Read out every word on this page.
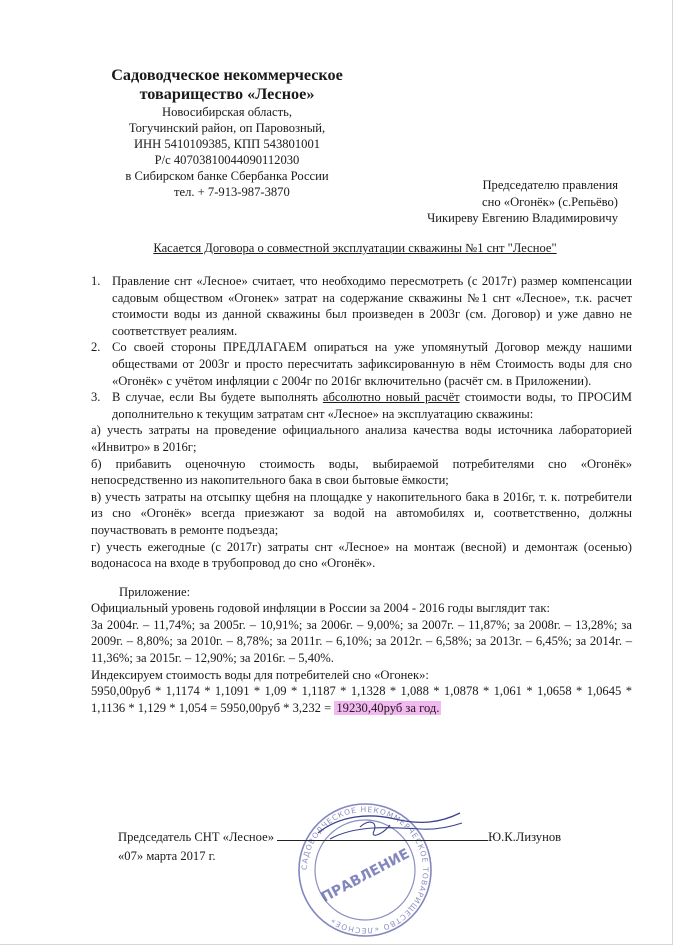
Садоводческое некоммерческое
товарищество «Лесное»
Новосибирская область,
Тогучинский район, оп Паровозный,
ИНН 5410109385, КПП 543801001
Р/с 40703810044090112030
в Сибирском банке Сбербанка России
тел. + 7-913-987-3870	Председателю правления
сно «Огонёк» (с.Репьёво)
Чикиреву Евгению Владимировичу
Касается Договора о совместной эксплуатации скважины №1 снт "Лесное"
1. Правление снт «Лесное» считает, что необходимо пересмотреть (с 2017г) размер компенсации садовым обществом «Огонек» затрат на содержание скважины №1 снт «Лесное», т.к. расчет стоимости воды из данной скважины был произведен в 2003г (см. Договор) и уже давно не соответствует реалиям.
2. Со своей стороны ПРЕДЛАГАЕМ опираться на уже упомянутый Договор между нашими обществами от 2003г и просто пересчитать зафиксированную в нём Стоимость воды для сно «Огонёк» с учётом инфляции с 2004г по 2016г включительно (расчёт см. в Приложении).
3. В случае, если Вы будете выполнять абсолютно новый расчёт стоимости воды, то ПРОСИМ дополнительно к текущим затратам снт «Лесное» на эксплуатацию скважины:
а) учесть затраты на проведение официального анализа качества воды источника лабораторией «Инвитро» в 2016г;
б) прибавить оценочную стоимость воды, выбираемой потребителями сно «Огонёк» непосредственно из накопительного бака в свои бытовые ёмкости;
в) учесть затраты на отсыпку щебня на площадке у накопительного бака в 2016г, т. к. потребители из сно «Огонёк» всегда приезжают за водой на автомобилях и, соответственно, должны поучаствовать в ремонте подъезда;
г) учесть ежегодные (с 2017г) затраты снт «Лесное» на монтаж (весной) и демонтаж (осенью) водонасоса на входе в трубопровод до сно «Огонёк».
Приложение:
Официальный уровень годовой инфляции в России за 2004 - 2016 годы выглядит так:
За 2004г. – 11,74%; за 2005г. – 10,91%; за 2006г. – 9,00%; за 2007г. – 11,87%; за 2008г. – 13,28%; за 2009г. – 8,80%; за 2010г. – 8,78%; за 2011г. – 6,10%; за 2012г. – 6,58%; за 2013г. – 6,45%; за 2014г. – 11,36%; за 2015г. – 12,90%; за 2016г. – 5,40%.
Индексируем стоимость воды для потребителей сно «Огонек»:
5950,00руб * 1,1174 * 1,1091 * 1,09 * 1,1187 * 1,1328 * 1,088 * 1,0878 * 1,061 * 1,0658 * 1,0645 * 1,1136 * 1,129 * 1,054 = 5950,00руб * 3,232 = 19230,40руб за год.
САДОВОДЧЕСКОЕ НЕКОММЕРЧЕСКОЕ ТОВАРИЩЕСТВО «ЛЕСНОЕ»
ПРАВЛЕНИЕ
Председатель СНТ «Лесное»	Ю.К.Лизунов
«07» марта 2017 г.
